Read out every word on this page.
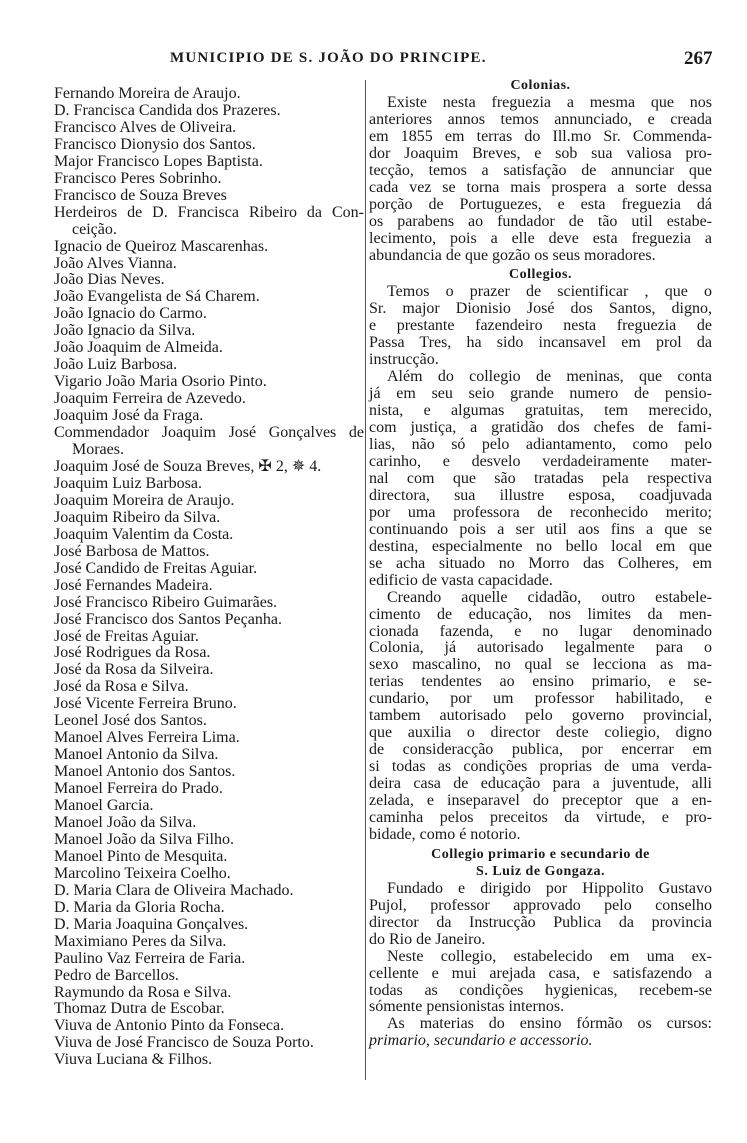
MUNICIPIO DE S. JOÃO DO PRINCIPE.	267
Fernando Moreira de Araujo.
D. Francisca Candida dos Prazeres.
Francisco Alves de Oliveira.
Francisco Dionysio dos Santos.
Major Francisco Lopes Baptista.
Francisco Peres Sobrinho.
Francisco de Souza Breves
Herdeiros de D. Francisca Ribeiro da Con-
ceição.
Ignacio de Queiroz Mascarenhas.
João Alves Vianna.
João Dias Neves.
João Evangelista de Sá Charem.
João Ignacio do Carmo.
João Ignacio da Silva.
João Joaquim de Almeida.
João Luiz Barbosa.
Vigario João Maria Osorio Pinto.
Joaquim Ferreira de Azevedo.
Joaquim José da Fraga.
Commendador Joaquim José Gonçalves de
Moraes.
Joaquim José de Souza Breves, ✠ 2, ✵ 4.
Joaquim Luiz Barbosa.
Joaquim Moreira de Araujo.
Joaquim Ribeiro da Silva.
Joaquim Valentim da Costa.
José Barbosa de Mattos.
José Candido de Freitas Aguiar.
José Fernandes Madeira.
José Francisco Ribeiro Guimarães.
José Francisco dos Santos Peçanha.
José de Freitas Aguiar.
José Rodrigues da Rosa.
José da Rosa da Silveira.
José da Rosa e Silva.
José Vicente Ferreira Bruno.
Leonel José dos Santos.
Manoel Alves Ferreira Lima.
Manoel Antonio da Silva.
Manoel Antonio dos Santos.
Manoel Ferreira do Prado.
Manoel Garcia.
Manoel João da Silva.
Manoel João da Silva Filho.
Manoel Pinto de Mesquita.
Marcolino Teixeira Coelho.
D. Maria Clara de Oliveira Machado.
D. Maria da Gloria Rocha.
D. Maria Joaquina Gonçalves.
Maximiano Peres da Silva.
Paulino Vaz Ferreira de Faria.
Pedro de Barcellos.
Raymundo da Rosa e Silva.
Thomaz Dutra de Escobar.
Viuva de Antonio Pinto da Fonseca.
Viuva de José Francisco de Souza Porto.
Viuva Luciana & Filhos.
Colonias.
Existe nesta freguezia a mesma que nos
anteriores annos temos annunciado, e creada
em 1855 em terras do Ill.mo Sr. Commenda-
dor Joaquim Breves, e sob sua valiosa pro-
tecção, temos a satisfação de annunciar que
cada vez se torna mais prospera a sorte dessa
porção de Portuguezes, e esta freguezia dá
os parabens ao fundador de tão util estabe-
lecimento, pois a elle deve esta freguezia a
abundancia de que gozão os seus moradores.
Collegios.
Temos o prazer de scientificar , que o
Sr. major Dionisio José dos Santos, digno,
e prestante fazendeiro nesta freguezia de
Passa Tres, ha sido incansavel em prol da
instrucção.
Além do collegio de meninas, que conta
já em seu seio grande numero de pensio-
nista, e algumas gratuitas, tem merecido,
com justiça, a gratidão dos chefes de fami-
lias, não só pelo adiantamento, como pelo
carinho, e desvelo verdadeiramente mater-
nal com que são tratadas pela respectiva
directora, sua illustre esposa, coadjuvada
por uma professora de reconhecido merito;
continuando pois a ser util aos fins a que se
destina, especialmente no bello local em que
se acha situado no Morro das Colheres, em
edificio de vasta capacidade.
Creando aquelle cidadão, outro estabele-
cimento de educação, nos limites da men-
cionada fazenda, e no lugar denominado
Colonia, já autorisado legalmente para o
sexo mascalino, no qual se lecciona as ma-
terias tendentes ao ensino primario, e se-
cundario, por um professor habilitado, e
tambem autorisado pelo governo provincial,
que auxilia o director deste coliegio, digno
de consideracção publica, por encerrar em
si todas as condições proprias de uma verda-
deira casa de educação para a juventude, alli
zelada, e inseparavel do preceptor que a en-
caminha pelos preceitos da virtude, e pro-
bidade, como é notorio.
Collegio primario e secundario de
S. Luiz de Gongaza.
Fundado e dirigido por Hippolito Gustavo
Pujol, professor approvado pelo conselho
director da Instrucção Publica da provincia
do Rio de Janeiro.
Neste collegio, estabelecido em uma ex-
cellente e mui arejada casa, e satisfazendo a
todas as condições hygienicas, recebem-se
sómente pensionistas internos.
As materias do ensino fórmão os cursos:
primario, secundario e accessorio.
